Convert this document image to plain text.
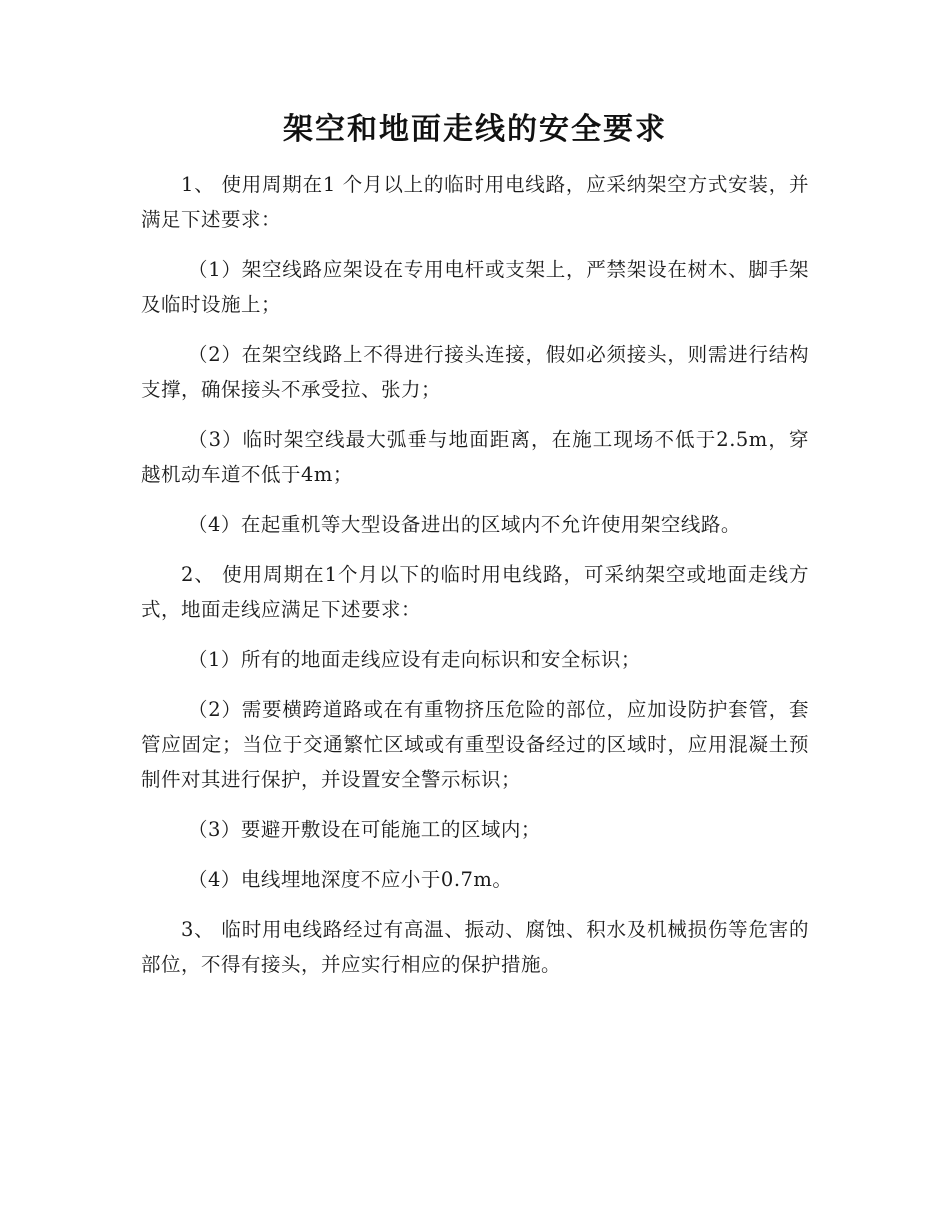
架空和地面走线的安全要求

1、 使用周期在1 个月以上的临时用电线路，应采纳架空方式安装，并满足下述要求：

（1）架空线路应架设在专用电杆或支架上，严禁架设在树木、脚手架及临时设施上；

（2）在架空线路上不得进行接头连接，假如必须接头，则需进行结构支撑，确保接头不承受拉、张力；

（3）临时架空线最大弧垂与地面距离，在施工现场不低于2.5m，穿越机动车道不低于4m；

（4）在起重机等大型设备进出的区域内不允许使用架空线路。

2、 使用周期在1个月以下的临时用电线路，可采纳架空或地面走线方式，地面走线应满足下述要求：

（1）所有的地面走线应设有走向标识和安全标识；

（2）需要横跨道路或在有重物挤压危险的部位，应加设防护套管，套管应固定；当位于交通繁忙区域或有重型设备经过的区域时，应用混凝土预制件对其进行保护，并设置安全警示标识；

（3）要避开敷设在可能施工的区域内；

（4）电线埋地深度不应小于0.7m。

3、 临时用电线路经过有高温、振动、腐蚀、积水及机械损伤等危害的部位，不得有接头，并应实行相应的保护措施。
